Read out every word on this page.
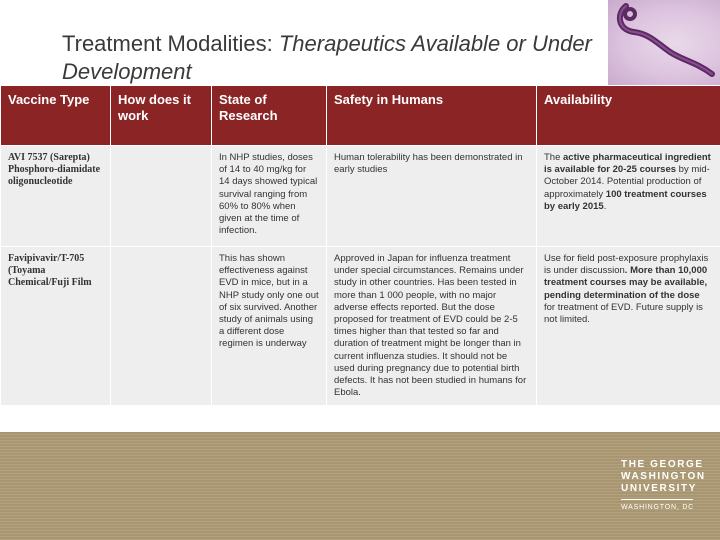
Treatment Modalities: Therapeutics Available or Under Development
Vaccine Type	How does it work	State of Research	Safety in Humans	Availability
AVI 7537 (Sarepta) Phosphoro-diamidate oligonucleotide		In NHP studies, doses of 14 to 40 mg/kg for 14 days showed typical survival ranging from 60% to 80% when given at the time of infection.	Human tolerability has been demonstrated in early studies	The active pharmaceutical ingredient is available for 20-25 courses by mid-October 2014. Potential production of approximately 100 treatment courses by early 2015.
Favipivavir/T-705 (Toyama Chemical/Fuji Film		This has shown effectiveness against EVD in mice, but in a NHP study only one out of six survived. Another study of animals using a different dose regimen is underway	Approved in Japan for influenza treatment under special circumstances. Remains under study in other countries. Has been tested in more than 1 000 people, with no major adverse effects reported. But the dose proposed for treatment of EVD could be 2-5 times higher than that tested so far and duration of treatment might be longer than in current influenza studies. It should not be used during pregnancy due to potential birth defects. It has not been studied in humans for Ebola.	Use for field post-exposure prophylaxis is under discussion. More than 10,000 treatment courses may be available, pending determination of the dose for treatment of EVD. Future supply is not limited.
THE GEORGE
WASHINGTON
UNIVERSITY
WASHINGTON, DC
